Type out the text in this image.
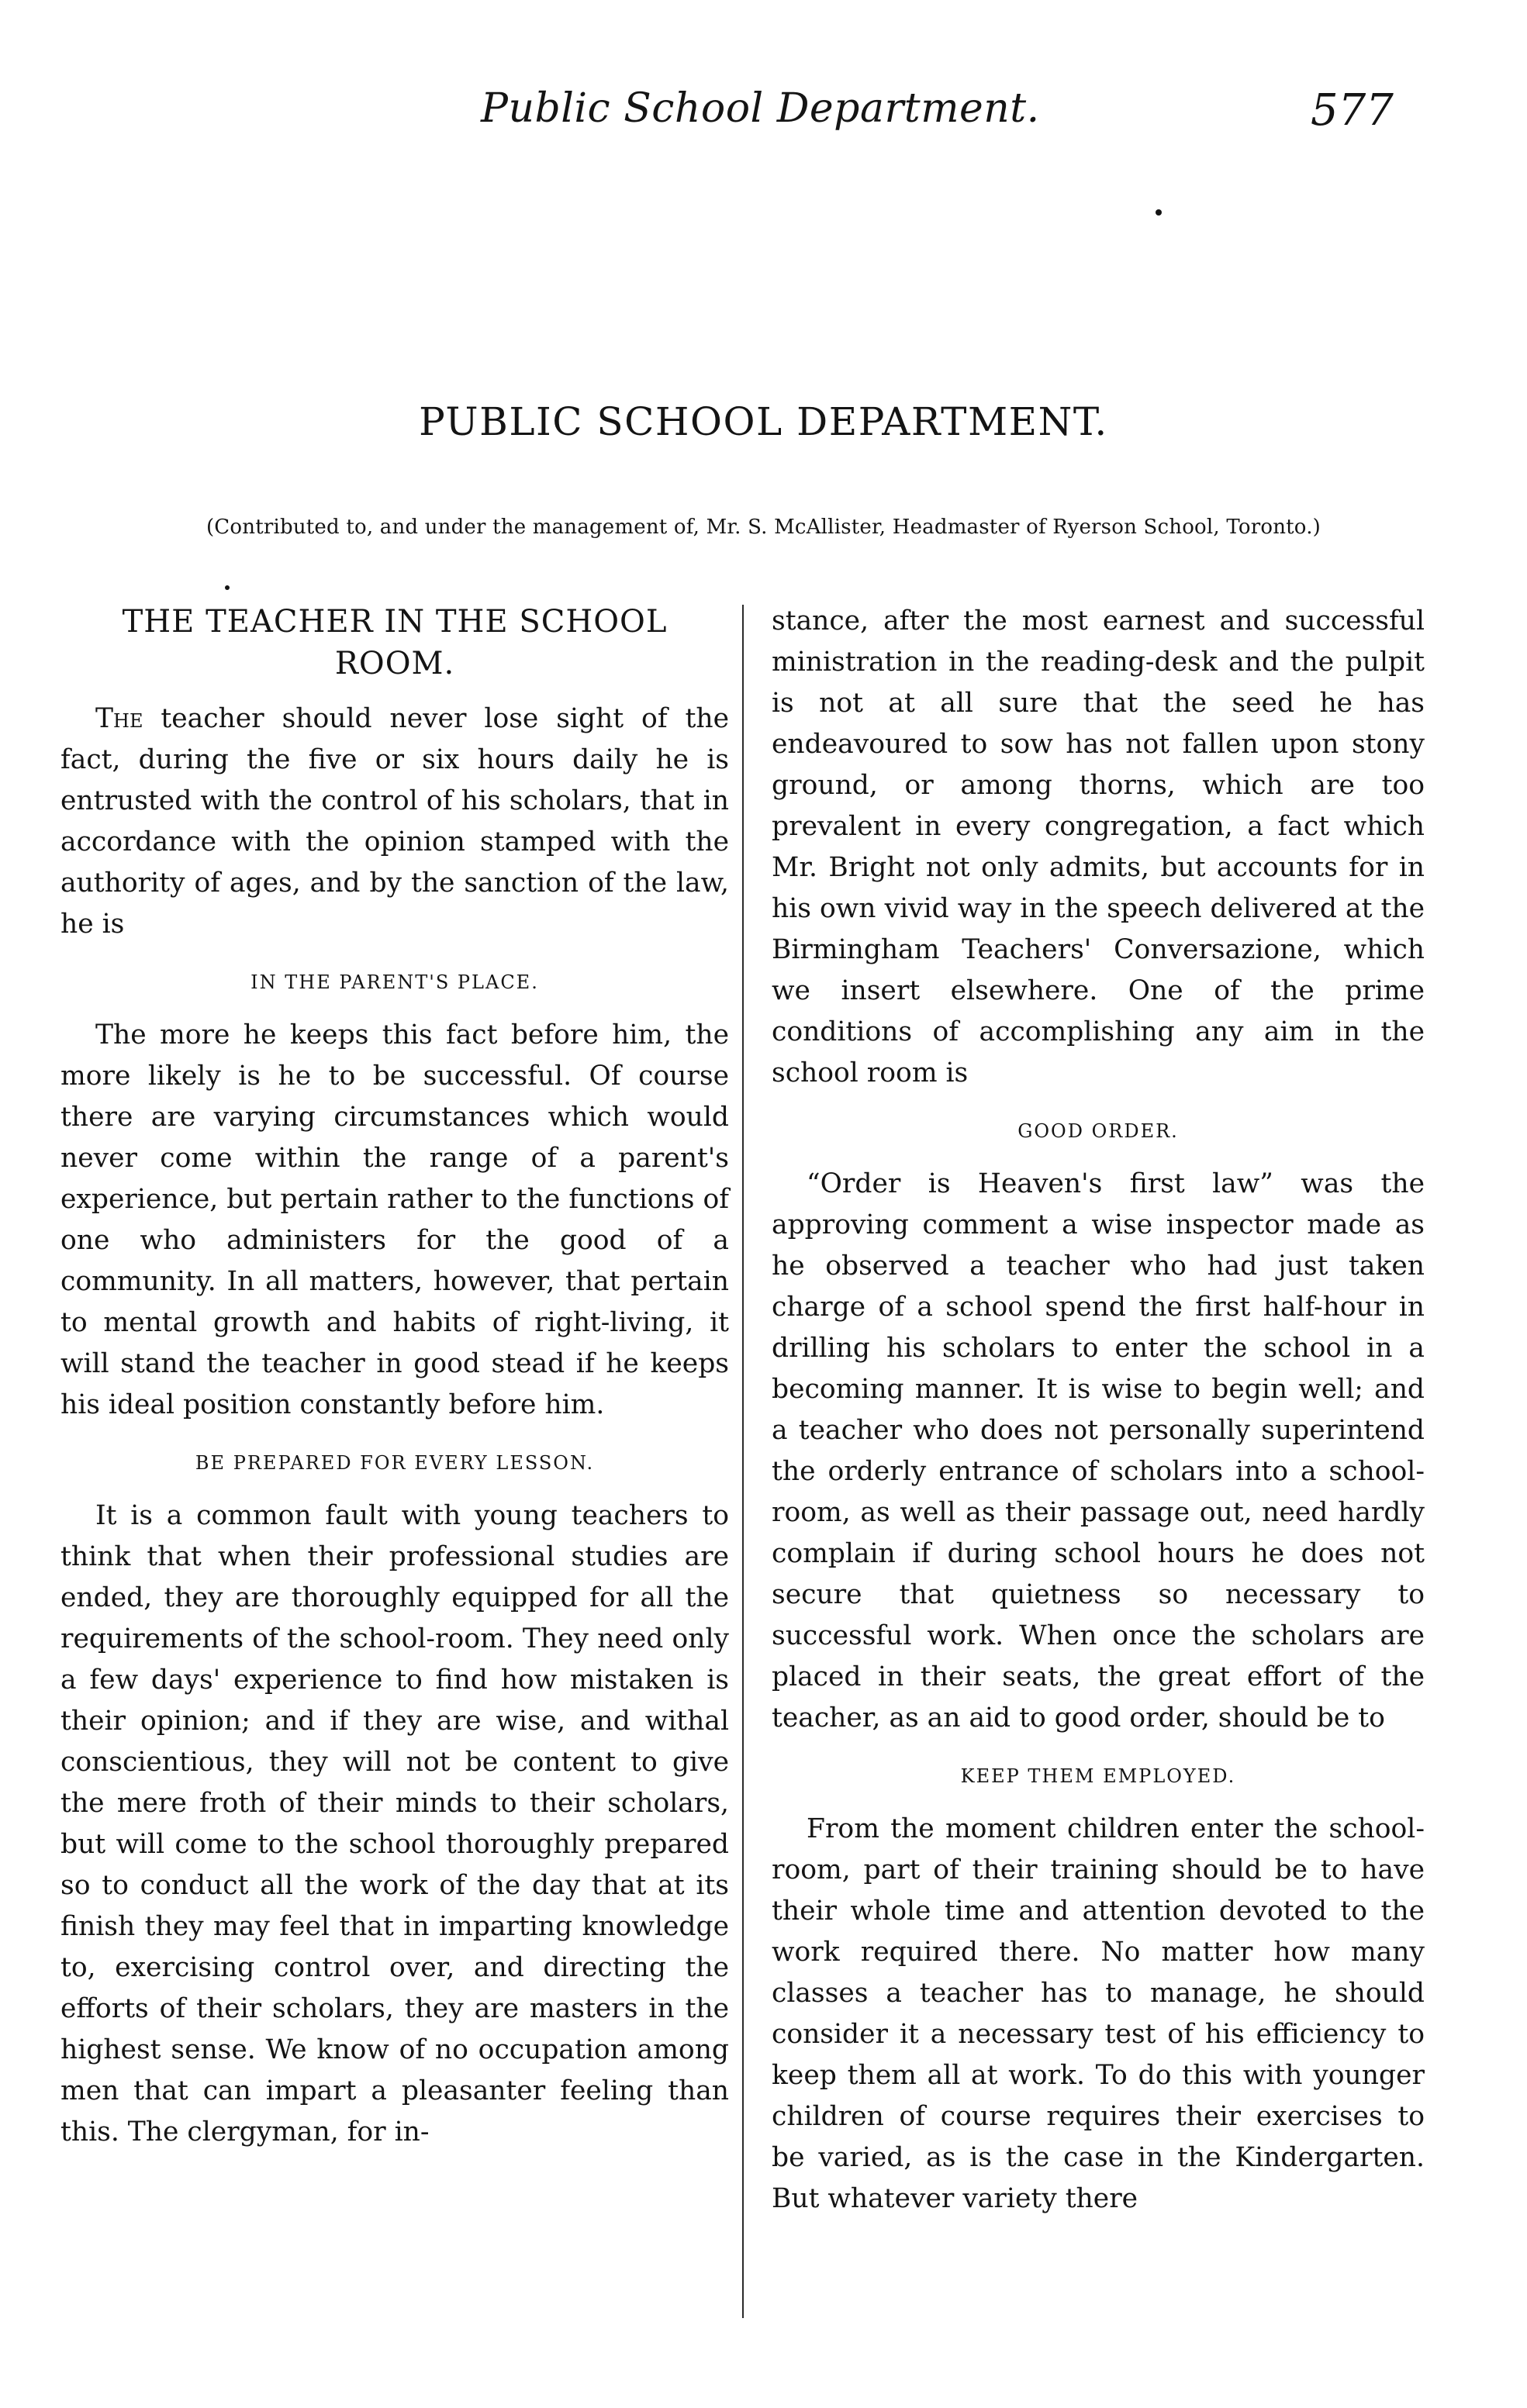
Public School Department.	577
PUBLIC SCHOOL DEPARTMENT.
(Contributed to, and under the management of, Mr. S. McAllister, Headmaster of Ryerson School, Toronto.)
THE TEACHER IN THE SCHOOL ROOM.

The teacher should never lose sight of the fact, during the five or six hours daily he is entrusted with the control of his scholars, that in accordance with the opinion stamped with the authority of ages, and by the sanction of the law, he is

IN THE PARENT'S PLACE.

The more he keeps this fact before him, the more likely is he to be successful. Of course there are varying circumstances which would never come within the range of a parent's experience, but pertain rather to the functions of one who administers for the good of a community. In all matters, however, that pertain to mental growth and habits of right-living, it will stand the teacher in good stead if he keeps his ideal position constantly before him.

BE PREPARED FOR EVERY LESSON.

It is a common fault with young teachers to think that when their professional studies are ended, they are thoroughly equipped for all the requirements of the school-room. They need only a few days' experience to find how mistaken is their opinion; and if they are wise, and withal conscientious, they will not be content to give the mere froth of their minds to their scholars, but will come to the school thoroughly prepared so to conduct all the work of the day that at its finish they may feel that in imparting knowledge to, exercising control over, and directing the efforts of their scholars, they are masters in the highest sense. We know of no occupation among men that can impart a pleasanter feeling than this. The clergyman, for in-

stance, after the most earnest and successful ministration in the reading-desk and the pulpit is not at all sure that the seed he has endeavoured to sow has not fallen upon stony ground, or among thorns, which are too prevalent in every congregation, a fact which Mr. Bright not only admits, but accounts for in his own vivid way in the speech delivered at the Birmingham Teachers' Conversazione, which we insert elsewhere. One of the prime conditions of accomplishing any aim in the school room is

GOOD ORDER.

“Order is Heaven's first law” was the approving comment a wise inspector made as he observed a teacher who had just taken charge of a school spend the first half-hour in drilling his scholars to enter the school in a becoming manner. It is wise to begin well; and a teacher who does not personally superintend the orderly entrance of scholars into a school-room, as well as their passage out, need hardly complain if during school hours he does not secure that quietness so necessary to successful work. When once the scholars are placed in their seats, the great effort of the teacher, as an aid to good order, should be to

KEEP THEM EMPLOYED.

From the moment children enter the school-room, part of their training should be to have their whole time and attention devoted to the work required there. No matter how many classes a teacher has to manage, he should consider it a necessary test of his efficiency to keep them all at work. To do this with younger children of course requires their exercises to be varied, as is the case in the Kindergarten. But whatever variety there
